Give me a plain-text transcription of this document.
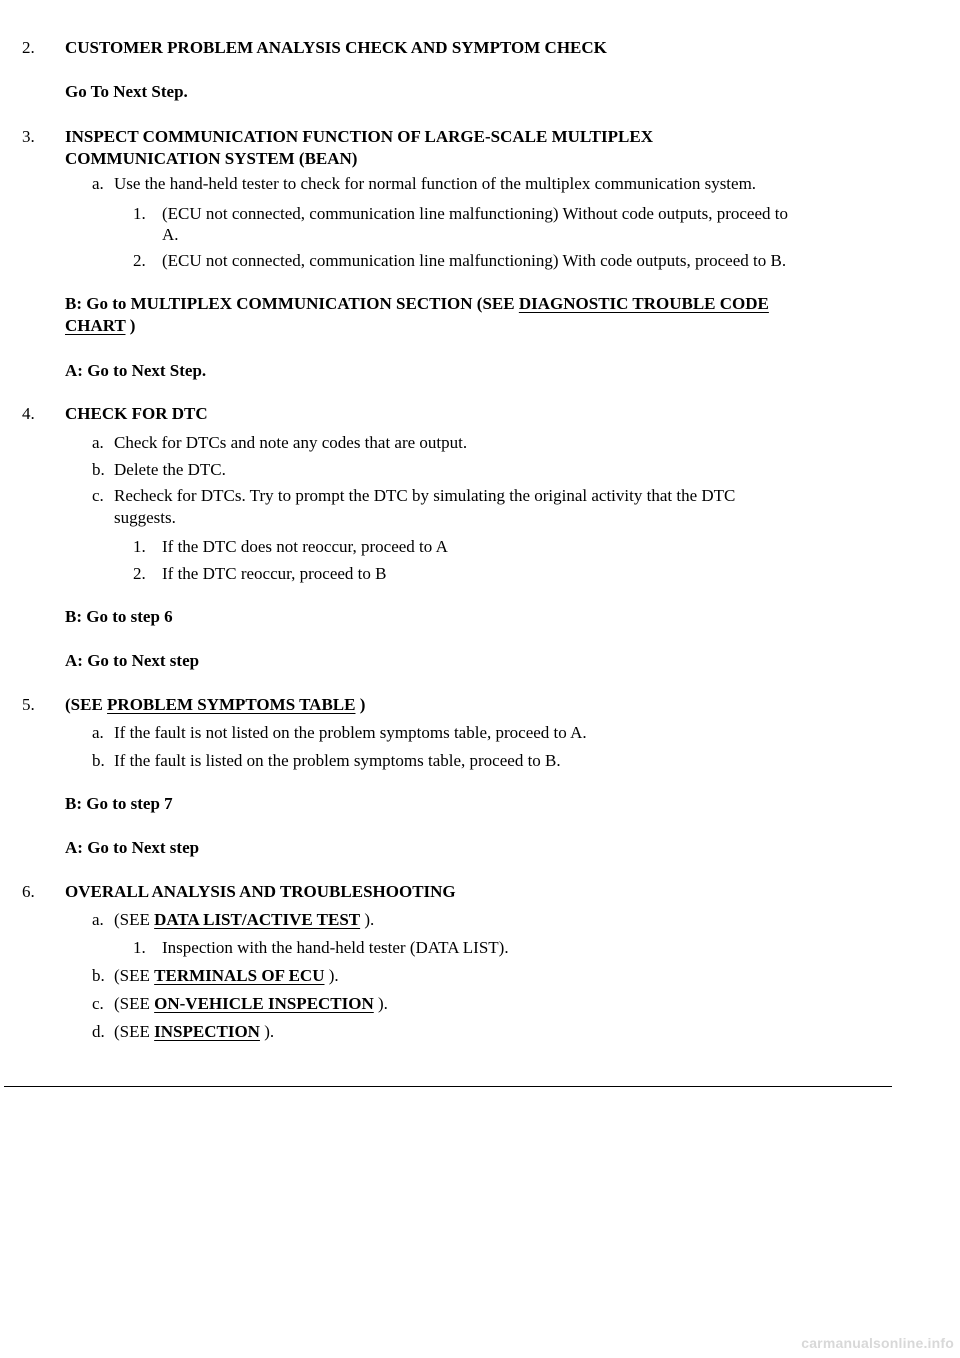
2. CUSTOMER PROBLEM ANALYSIS CHECK AND SYMPTOM CHECK
Go To Next Step.
3. INSPECT COMMUNICATION FUNCTION OF LARGE-SCALE MULTIPLEX
COMMUNICATION SYSTEM (BEAN)
a. Use the hand-held tester to check for normal function of the multiplex communication system.
1. (ECU not connected, communication line malfunctioning) Without code outputs, proceed to
A.
2. (ECU not connected, communication line malfunctioning) With code outputs, proceed to B.
B: Go to MULTIPLEX COMMUNICATION SECTION (SEE DIAGNOSTIC TROUBLE CODE
CHART )
A: Go to Next Step.
4. CHECK FOR DTC
a. Check for DTCs and note any codes that are output.
b. Delete the DTC.
c. Recheck for DTCs. Try to prompt the DTC by simulating the original activity that the DTC
suggests.
1. If the DTC does not reoccur, proceed to A
2. If the DTC reoccur, proceed to B
B: Go to step 6
A: Go to Next step
5. (SEE PROBLEM SYMPTOMS TABLE )
a. If the fault is not listed on the problem symptoms table, proceed to A.
b. If the fault is listed on the problem symptoms table, proceed to B.
B: Go to step 7
A: Go to Next step
6. OVERALL ANALYSIS AND TROUBLESHOOTING
a. (SEE DATA LIST/ACTIVE TEST ).
1. Inspection with the hand-held tester (DATA LIST).
b. (SEE TERMINALS OF ECU ).
c. (SEE ON-VEHICLE INSPECTION ).
d. (SEE INSPECTION ).
carmanualsonline.info
